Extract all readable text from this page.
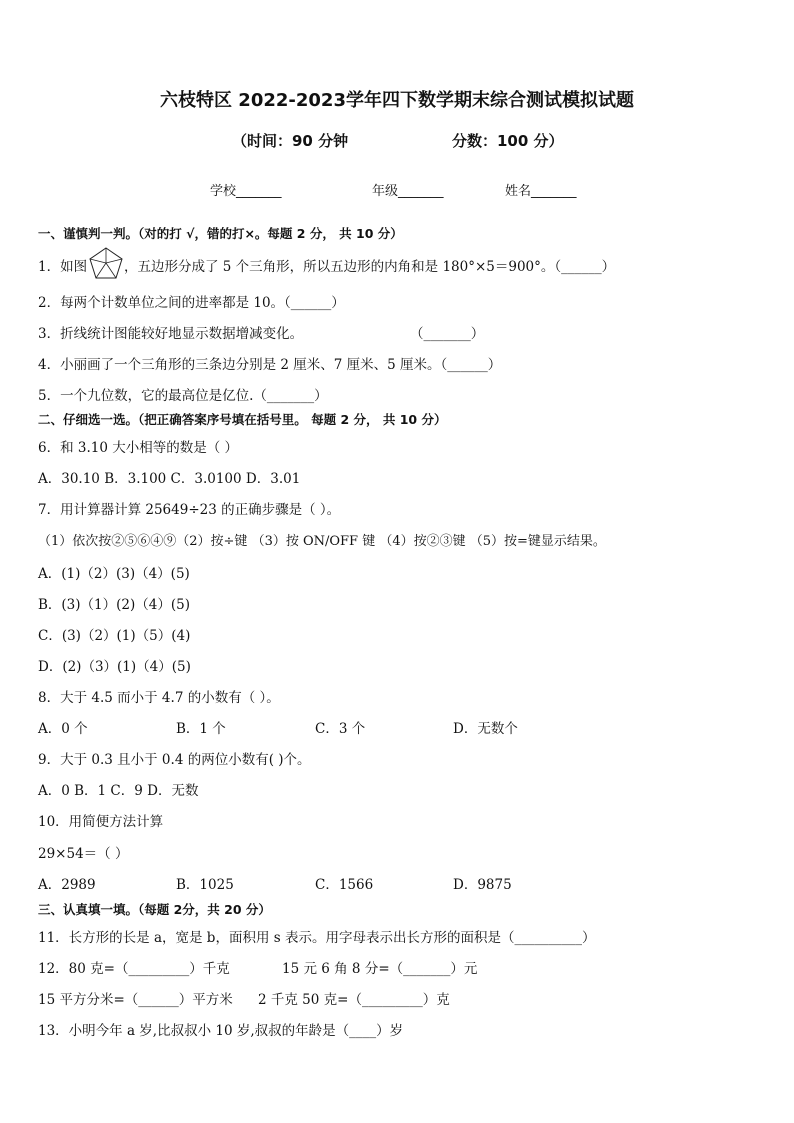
六枝特区 2022-2023学年四下数学期末综合测试模拟试题
（时间：90 分钟	分数：100 分）
学校_______	年级_______	姓名_______
一、谨慎判一判。（对的打 √，错的打×。每题 2 分， 共 10 分）
1．如图	，五边形分成了 5 个三角形，所以五边形的内角和是 180°×5＝900°。（______）
2．每两个计数单位之间的进率都是 10。（______）
3．折线统计图能较好地显示数据增减变化。	（_______）
4．小丽画了一个三角形的三条边分别是 2 厘米、7 厘米、5 厘米。（______）
5．一个九位数，它的最高位是亿位.（_______）
二、仔细选一选。（把正确答案序号填在括号里。 每题 2 分， 共 10 分）
6．和 3.10 大小相等的数是（ ）
A．30.10 B．3.100 C．3.0100 D．3.01
7．用计算器计算 25649÷23 的正确步骤是（ ）。
（1）依次按②⑤⑥④⑨（2）按÷键 （3）按 ON/OFF 键 （4）按②③键 （5）按=键显示结果。
A．(1)（2）(3)（4）(5)
B．(3)（1）(2)（4）(5)
C．(3)（2）(1)（5）(4)
D．(2)（3）(1)（4）(5)
8．大于 4.5 而小于 4.7 的小数有（ ）。
A．0 个	B．1 个	C．3 个	D．无数个
9．大于 0.3 且小于 0.4 的两位小数有( )个。
A．0 B．1 C．9 D．无数
10．用简便方法计算
29×54＝（ ）
A．2989	B．1025	C．1566	D．9875
三、认真填一填。（每题 2分，共 20 分）
11．长方形的长是 a，宽是 b，面积用 s 表示。用字母表示出长方形的面积是（__________）
12．80 克=（_________）千克	15 元 6 角 8 分=（_______）元
15 平方分米=（______）平方米 2 千克 50 克=（_________）克
13．小明今年 a 岁,比叔叔小 10 岁,叔叔的年龄是（____）岁
